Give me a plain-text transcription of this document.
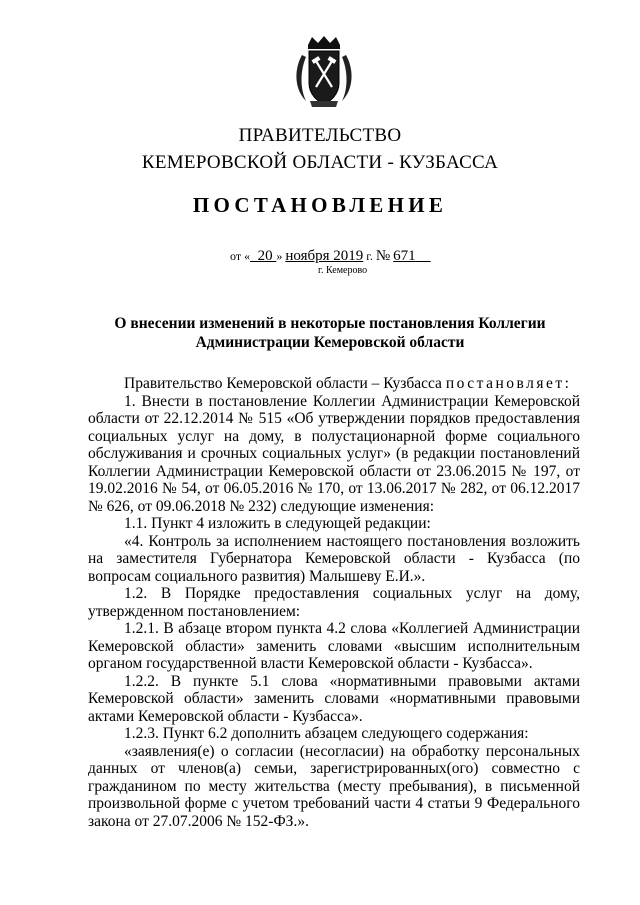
ПРАВИТЕЛЬСТВО
КЕМЕРОВСКОЙ ОБЛАСТИ - КУЗБАССА
ПОСТАНОВЛЕНИЕ
от « 20 » ноября 2019 г. № 671
г. Кемерово
О внесении изменений в некоторые постановления Коллегии Администрации Кемеровской области

Правительство Кемеровской области – Кузбасса постановляет:

1. Внести в постановление Коллегии Администрации Кемеровской области от 22.12.2014 № 515 «Об утверждении порядков предоставления социальных услуг на дому, в полустационарной форме социального обслуживания и срочных социальных услуг» (в редакции постановлений Коллегии Администрации Кемеровской области от 23.06.2015 № 197, от 19.02.2016 № 54, от 06.05.2016 № 170, от 13.06.2017 № 282, от 06.12.2017 № 626, от 09.06.2018 № 232) следующие изменения:

1.1. Пункт 4 изложить в следующей редакции:

«4. Контроль за исполнением настоящего постановления возложить на заместителя Губернатора Кемеровской области - Кузбасса (по вопросам социального развития) Малышеву Е.И.».

1.2. В Порядке предоставления социальных услуг на дому, утвержденном постановлением:

1.2.1. В абзаце втором пункта 4.2 слова «Коллегией Администрации Кемеровской области» заменить словами «высшим исполнительным органом государственной власти Кемеровской области - Кузбасса».

1.2.2. В пункте 5.1 слова «нормативными правовыми актами Кемеровской области» заменить словами «нормативными правовыми актами Кемеровской области - Кузбасса».

1.2.3. Пункт 6.2 дополнить абзацем следующего содержания:

«заявления(е) о согласии (несогласии) на обработку персональных данных от членов(а) семьи, зарегистрированных(ого) совместно с гражданином по месту жительства (месту пребывания), в письменной произвольной форме с учетом требований части 4 статьи 9 Федерального закона от 27.07.2006 № 152-ФЗ.».
